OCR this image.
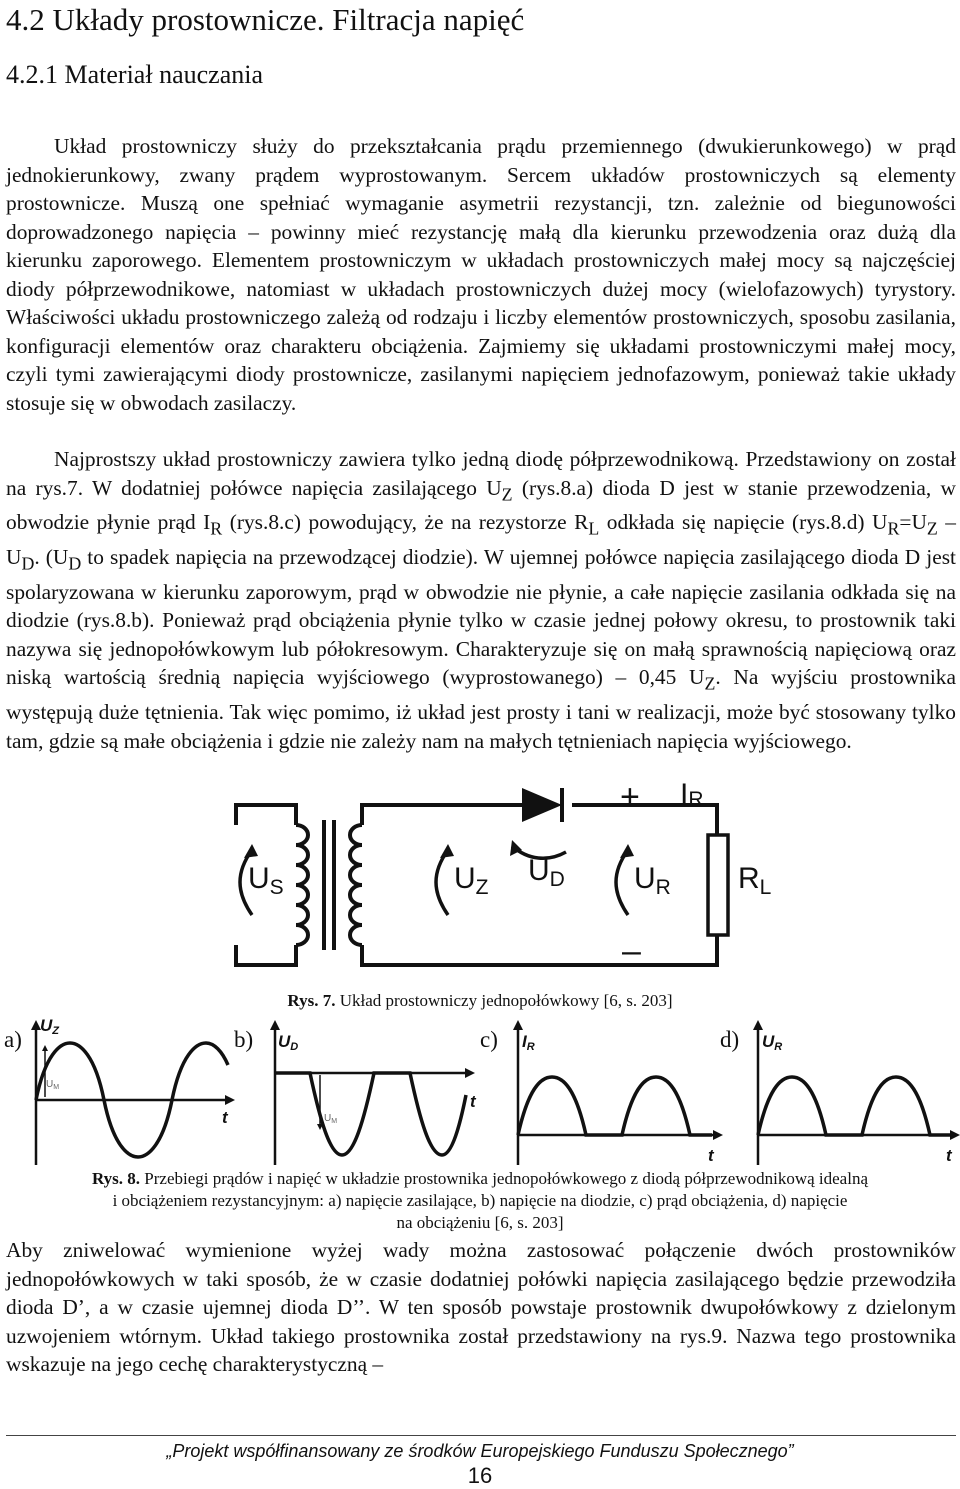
4.2 Układy prostownicze. Filtracja napięć
4.2.1 Materiał nauczania

Układ prostowniczy służy do przekształcania prądu przemiennego (dwukierunkowego) w prąd jednokierunkowy, zwany prądem wyprostowanym. Sercem układów prostowniczych są elementy prostownicze. Muszą one spełniać wymaganie asymetrii rezystancji, tzn. zależnie od biegunowości doprowadzonego napięcia – powinny mieć rezystancję małą dla kierunku przewodzenia oraz dużą dla kierunku zaporowego. Elementem prostowniczym w układach prostowniczych małej mocy są najczęściej diody półprzewodnikowe, natomiast w układach prostowniczych dużej mocy (wielofazowych) tyrystory. Właściwości układu prostowniczego zależą od rodzaju i liczby elementów prostowniczych, sposobu zasilania, konfiguracji elementów oraz charakteru obciążenia. Zajmiemy się układami prostowniczymi małej mocy, czyli tymi zawierającymi diody prostownicze, zasilanymi napięciem jednofazowym, ponieważ takie układy stosuje się w obwodach zasilaczy.

Najprostszy układ prostowniczy zawiera tylko jedną diodę półprzewodnikową. Przedstawiony on został na rys.7. W dodatniej połówce napięcia zasilającego $U_Z$ (rys.8.a) dioda D jest w stanie przewodzenia, w obwodzie płynie prąd $I_R$ (rys.8.c) powodujący, że na rezystorze $R_L$ odkłada się napięcie (rys.8.d) $U_R=U_Z - U_D$. ($U_D$ to spadek napięcia na przewodzącej diodzie). W ujemnej połówce napięcia zasilającego dioda D jest spolaryzowana w kierunku zaporowym, prąd w obwodzie nie płynie, a całe napięcie zasilania odkłada się na diodzie (rys.8.b). Ponieważ prąd obciążenia płynie tylko w czasie jednej połowy okresu, to prostownik taki nazywa się jednopołówkowym lub półokresowym. Charakteryzuje się on małą sprawnością napięciową oraz niską wartością średnią napięcia wyjściowego (wyprostowanego) – 0,45 $U_Z$. Na wyjściu prostownika występują duże tętnienia. Tak więc pomimo, iż układ jest prosty i tani w realizacji, może być stosowany tylko tam, gdzie są małe obciążenia i gdzie nie zależy nam na małych tętnieniach napięcia wyjściowego.

$U_S$	$U_Z$
$U_D$ $U_R$ $R_L$
IR
+
–

Rys. 7. Układ prostowniczy jednopołówkowy [6, s. 203]

a)	b)	c)	d)
UZ
UD	IR	UR
t
t
t	t
$U_M$
$U_M$
Rys. 8. Przebiegi prądów i napięć w układzie prostownika jednopołówkowego z diodą półprzewodnikową idealną
i obciążeniem rezystancyjnym: a) napięcie zasilające, b) napięcie na diodzie, c) prąd obciążenia, d) napięcie
na obciążeniu [6, s. 203]

Aby zniwelować wymienione wyżej wady można zastosować połączenie dwóch prostowników jednopołówkowych w taki sposób, że w czasie dodatniej połówki napięcia zasilającego będzie przewodziła dioda D’, a w czasie ujemnej dioda D’’. W ten sposób powstaje prostownik dwupołówkowy z dzielonym uzwojeniem wtórnym. Układ takiego prostownika został przedstawiony na rys.9. Nazwa tego prostownika wskazuje na jego cechę charakterystyczną –

„Projekt współfinansowany ze środków Europejskiego Funduszu Społecznego”
16
